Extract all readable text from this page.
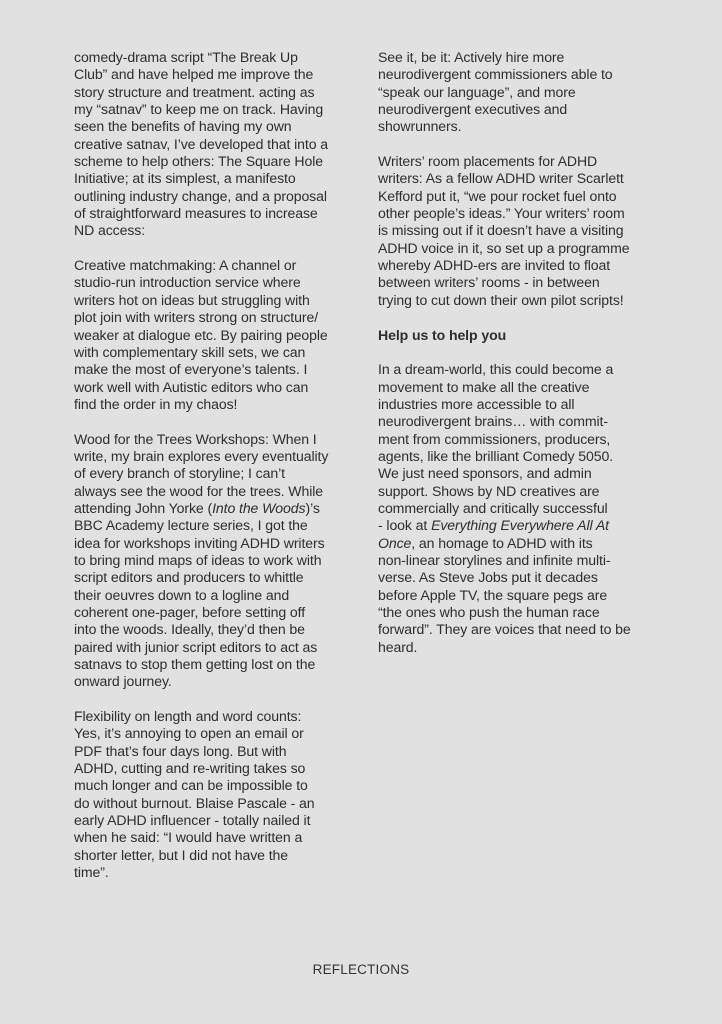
comedy-drama script “The Break Up
Club” and have helped me improve the
story structure and treatment. acting as
my “satnav” to keep me on track. Having
seen the benefits of having my own
creative satnav, I’ve developed that into a
scheme to help others: The Square Hole
Initiative; at its simplest, a manifesto
outlining industry change, and a proposal
of straightforward measures to increase
ND access:

Creative matchmaking: A channel or
studio-run introduction service where
writers hot on ideas but struggling with
plot join with writers strong on structure/
weaker at dialogue etc. By pairing people
with complementary skill sets, we can
make the most of everyone’s talents. I
work well with Autistic editors who can
find the order in my chaos!

Wood for the Trees Workshops: When I
write, my brain explores every eventuality
of every branch of storyline; I can’t
always see the wood for the trees. While
attending John Yorke (Into the Woods)’s
BBC Academy lecture series, I got the
idea for workshops inviting ADHD writers
to bring mind maps of ideas to work with
script editors and producers to whittle
their oeuvres down to a logline and
coherent one-pager, before setting off
into the woods. Ideally, they’d then be
paired with junior script editors to act as
satnavs to stop them getting lost on the
onward journey.

Flexibility on length and word counts:
Yes, it’s annoying to open an email or
PDF that’s four days long. But with
ADHD, cutting and re-writing takes so
much longer and can be impossible to
do without burnout. Blaise Pascale - an
early ADHD influencer - totally nailed it
when he said: “I would have written a
shorter letter, but I did not have the
time”.

See it, be it: Actively hire more
neurodivergent commissioners able to
“speak our language”, and more
neurodivergent executives and
showrunners.

Writers’ room placements for ADHD
writers: As a fellow ADHD writer Scarlett
Kefford put it, “we pour rocket fuel onto
other people’s ideas.” Your writers’ room
is missing out if it doesn’t have a visiting
ADHD voice in it, so set up a programme
whereby ADHD-ers are invited to float
between writers’ rooms - in between
trying to cut down their own pilot scripts!

Help us to help you

In a dream-world, this could become a
movement to make all the creative
industries more accessible to all
neurodivergent brains… with commit-
ment from commissioners, producers,
agents, like the brilliant Comedy 5050.
We just need sponsors, and admin
support. Shows by ND creatives are
commercially and critically successful
- look at Everything Everywhere All At
Once, an homage to ADHD with its
non-linear storylines and infinite multi-
verse. As Steve Jobs put it decades
before Apple TV, the square pegs are
“the ones who push the human race
forward”. They are voices that need to be
heard.

REFLECTIONS
